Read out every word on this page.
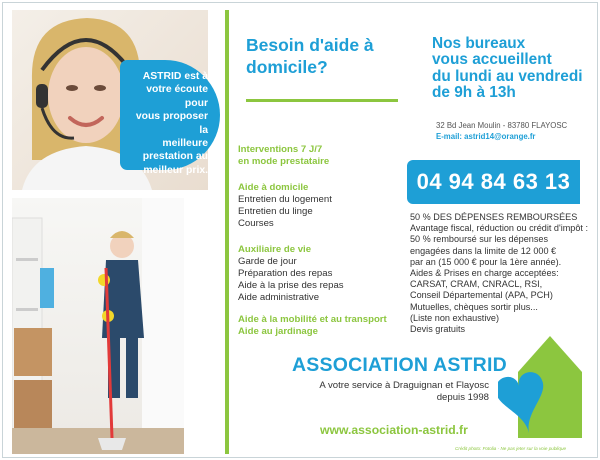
ASTRID est à
votre écoute pour
vous proposer la
meilleure
prestation au
meilleur prix.
Besoin d'aide à
domicile?
Interventions 7 J/7
en mode prestataire
Aide à domicile
Entretien du logement
Entretien du linge
Courses
Auxiliaire de vie
Garde de jour
Préparation des repas
Aide à la prise des repas
Aide administrative
Aide à la mobilité et au transport
Aide au jardinage
Nos bureaux
vous accueillent
du lundi au vendredi
de 9h à 13h
32 Bd Jean Moulin - 83780 FLAYOSC
E-mail: astrid14@orange.fr
04 94 84 63 13
50 % DES DÉPENSES REMBOURSÉES
Avantage fiscal, réduction ou crédit d'impôt :
50 % remboursé sur les dépenses
engagées dans la limite de 12 000 €
par an (15 000 € pour la 1ère année).
Aides & Prises en charge acceptées:
CARSAT, CRAM, CNRACL, RSI,
Conseil Départemental (APA, PCH)
Mutuelles, chèques sortir plus...
(Liste non exhaustive)
Devis gratuits
ASSOCIATION ASTRID
A votre service à Draguignan et Flayosc
depuis 1998
www.association-astrid.fr
Crédit photo: Fotolia - Ne pas jeter sur la voie publique
